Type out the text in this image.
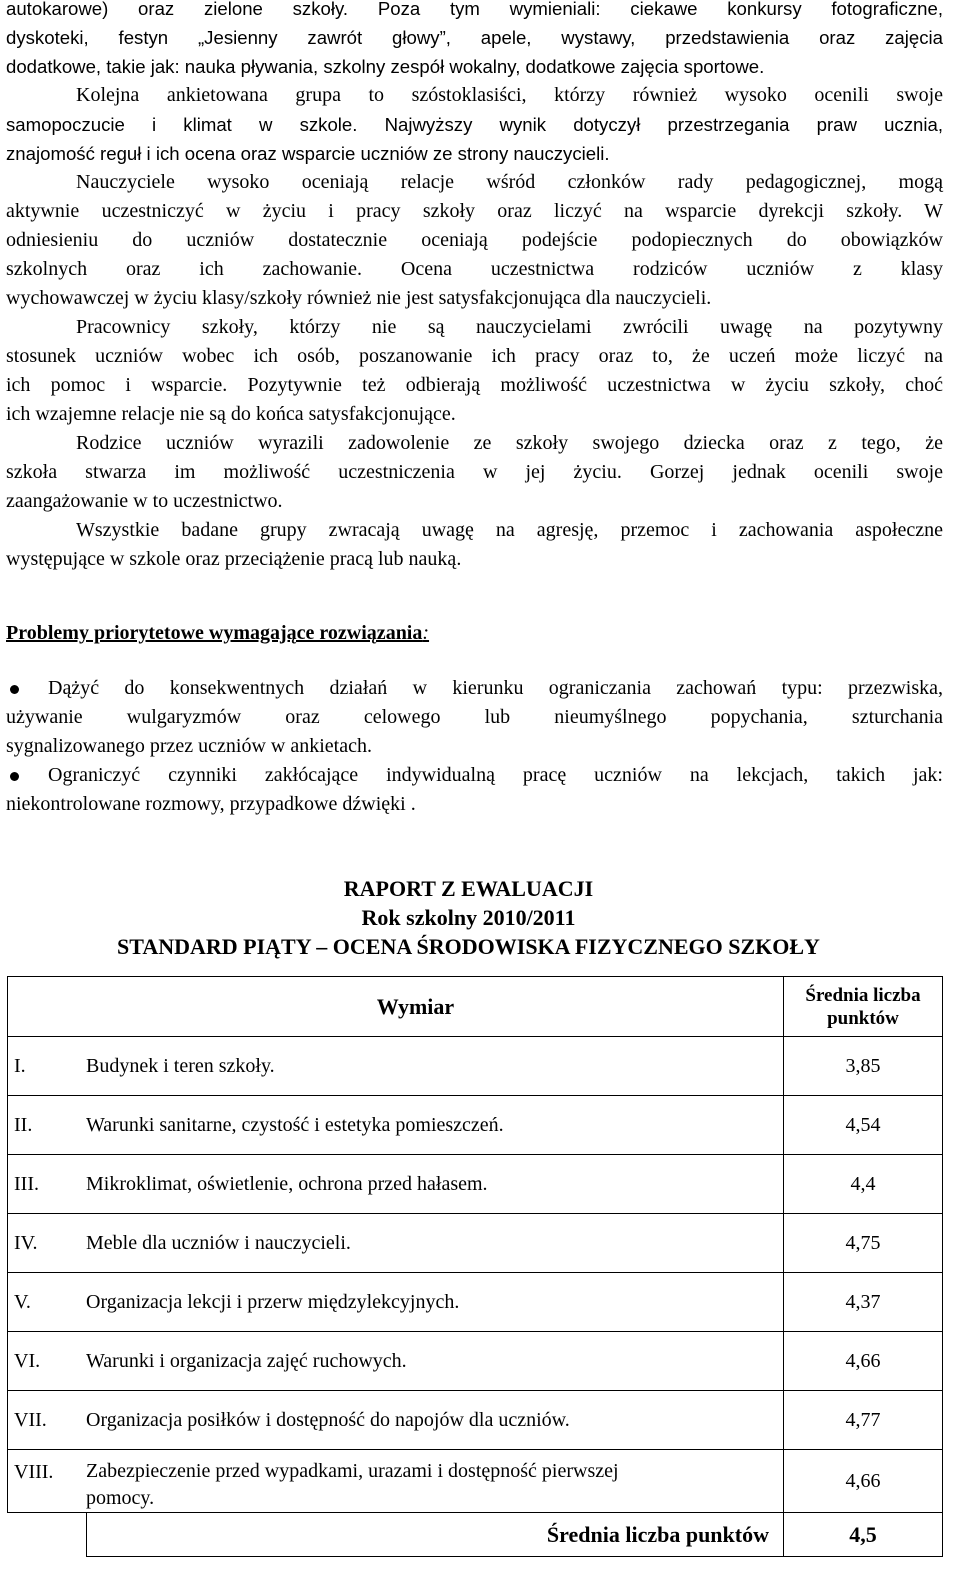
autokarowe) oraz zielone szkoły. Poza tym wymieniali: ciekawe konkursy fotograficzne,
dyskoteki, festyn „Jesienny zawrót głowy”, apele, wystawy, przedstawienia oraz zajęcia
dodatkowe, takie jak: nauka pływania, szkolny zespół wokalny, dodatkowe zajęcia sportowe.

Kolejna ankietowana grupa to szóstoklasiści, którzy również wysoko ocenili swoje
samopoczucie i klimat w szkole. Najwyższy wynik dotyczył przestrzegania praw ucznia,
znajomość reguł i ich ocena oraz wsparcie uczniów ze strony nauczycieli.

Nauczyciele wysoko oceniają relacje wśród członków rady pedagogicznej, mogą
aktywnie uczestniczyć w życiu i pracy szkoły oraz liczyć na wsparcie dyrekcji szkoły. W
odniesieniu do uczniów dostatecznie oceniają podejście podopiecznych do obowiązków
szkolnych oraz ich zachowanie. Ocena uczestnictwa rodziców uczniów z klasy
wychowawczej w życiu klasy/szkoły również nie jest satysfakcjonująca dla nauczycieli.

Pracownicy szkoły, którzy nie są nauczycielami zwrócili uwagę na pozytywny
stosunek uczniów wobec ich osób, poszanowanie ich pracy oraz to, że uczeń może liczyć na
ich pomoc i wsparcie. Pozytywnie też odbierają możliwość uczestnictwa w życiu szkoły, choć
ich wzajemne relacje nie są do końca satysfakcjonujące.

Rodzice uczniów wyrazili zadowolenie ze szkoły swojego dziecka oraz z tego, że
szkoła stwarza im możliwość uczestniczenia w jej życiu. Gorzej jednak ocenili swoje
zaangażowanie w to uczestnictwo.

Wszystkie badane grupy zwracają uwagę na agresję, przemoc i zachowania aspołeczne
występujące w szkole oraz przeciążenie pracą lub nauką.

Problemy priorytetowe wymagające rozwiązania:
Dążyć do konsekwentnych działań w kierunku ograniczania zachowań typu: przezwiska,
używanie wulgaryzmów oraz celowego lub nieumyślnego popychania, szturchania
sygnalizowanego przez uczniów w ankietach.
Ograniczyć czynniki zakłócające indywidualną pracę uczniów na lekcjach, takich jak:
niekontrolowane rozmowy, przypadkowe dźwięki .
RAPORT Z EWALUACJI
Rok szkolny 2010/2011
STANDARD PIĄTY – OCENA ŚRODOWISKA FIZYCZNEGO SZKOŁY
Wymiar		Średnia liczba
punktów
I.	Budynek i teren szkoły.	3,85
II.	Warunki sanitarne, czystość i estetyka pomieszczeń.	4,54
III.	Mikroklimat, oświetlenie, ochrona przed hałasem.	4,4
IV.	Meble dla uczniów i nauczycieli.	4,75
V.	Organizacja lekcji i przerw międzylekcyjnych.	4,37
VI.	Warunki i organizacja zajęć ruchowych.	4,66
VII.	Organizacja posiłków i dostępność do napojów dla uczniów.	4,77
VIII.	Zabezpieczenie przed wypadkami, urazami i dostępność pierwszej
pomocy.	4,66
	Średnia liczba punktów	4,5
